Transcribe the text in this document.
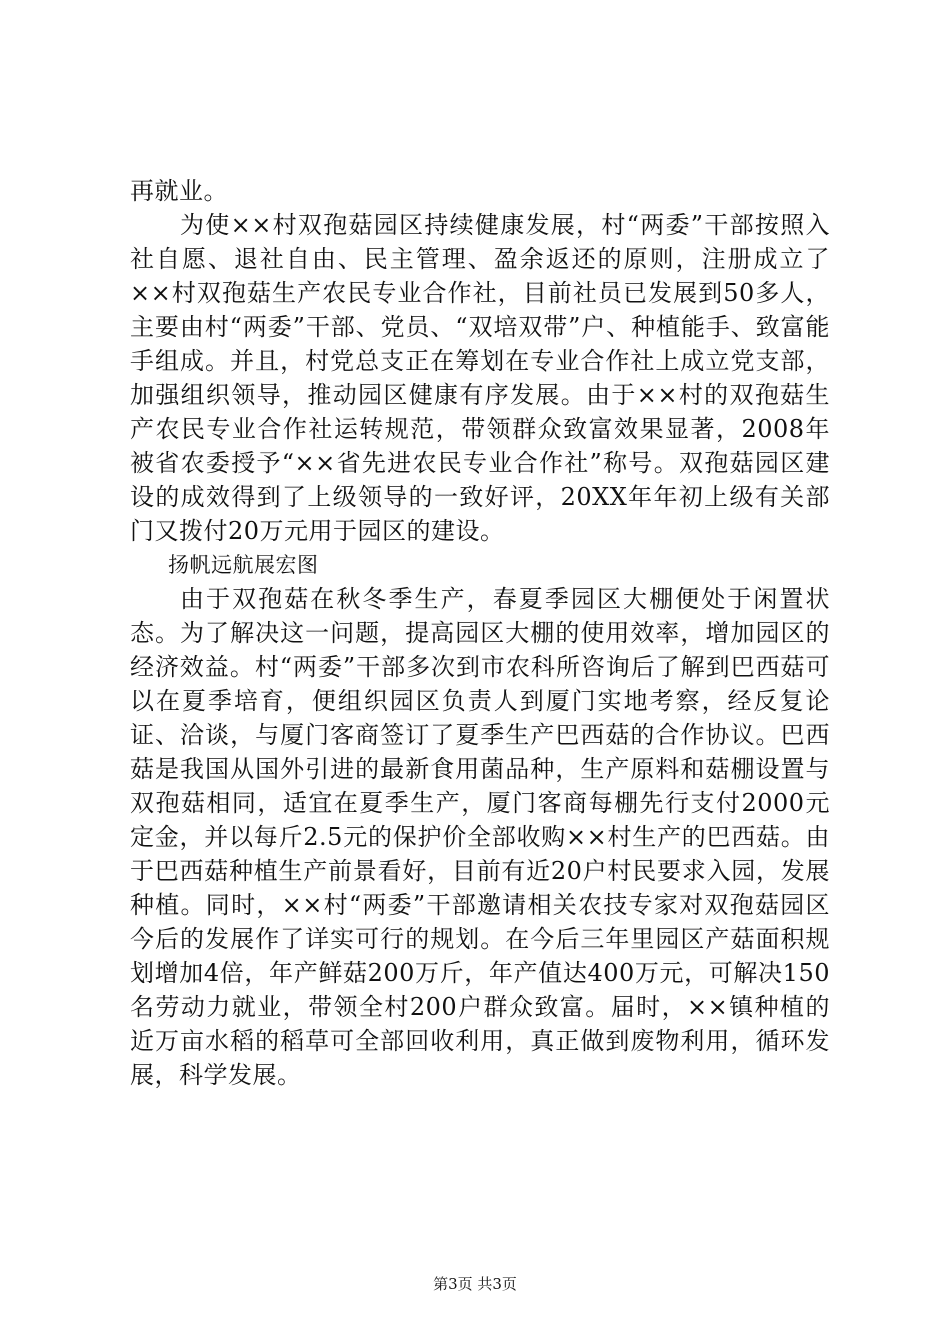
再就业。

为使××村双孢菇园区持续健康发展，村“两委”干部按照入社自愿、退社自由、民主管理、盈余返还的原则，注册成立了××村双孢菇生产农民专业合作社，目前社员已发展到50多人，主要由村“两委”干部、党员、“双培双带”户、种植能手、致富能手组成。并且，村党总支正在筹划在专业合作社上成立党支部，加强组织领导，推动园区健康有序发展。由于××村的双孢菇生产农民专业合作社运转规范，带领群众致富效果显著，2008年被省农委授予“××省先进农民专业合作社”称号。双孢菇园区建设的成效得到了上级领导的一致好评，20XX年年初上级有关部门又拨付20万元用于园区的建设。

扬帆远航展宏图

由于双孢菇在秋冬季生产，春夏季园区大棚便处于闲置状态。为了解决这一问题，提高园区大棚的使用效率，增加园区的经济效益。村“两委”干部多次到市农科所咨询后了解到巴西菇可以在夏季培育，便组织园区负责人到厦门实地考察，经反复论证、洽谈，与厦门客商签订了夏季生产巴西菇的合作协议。巴西菇是我国从国外引进的最新食用菌品种，生产原料和菇棚设置与双孢菇相同，适宜在夏季生产，厦门客商每棚先行支付2000元定金，并以每斤2.5元的保护价全部收购××村生产的巴西菇。由于巴西菇种植生产前景看好，目前有近20户村民要求入园，发展种植。同时，××村“两委”干部邀请相关农技专家对双孢菇园区今后的发展作了详实可行的规划。在今后三年里园区产菇面积规划增加4倍，年产鲜菇200万斤，年产值达400万元，可解决150名劳动力就业，带领全村200户群众致富。届时，××镇种植的近万亩水稻的稻草可全部回收利用，真正做到废物利用，循环发展，科学发展。

第3页 共3页
